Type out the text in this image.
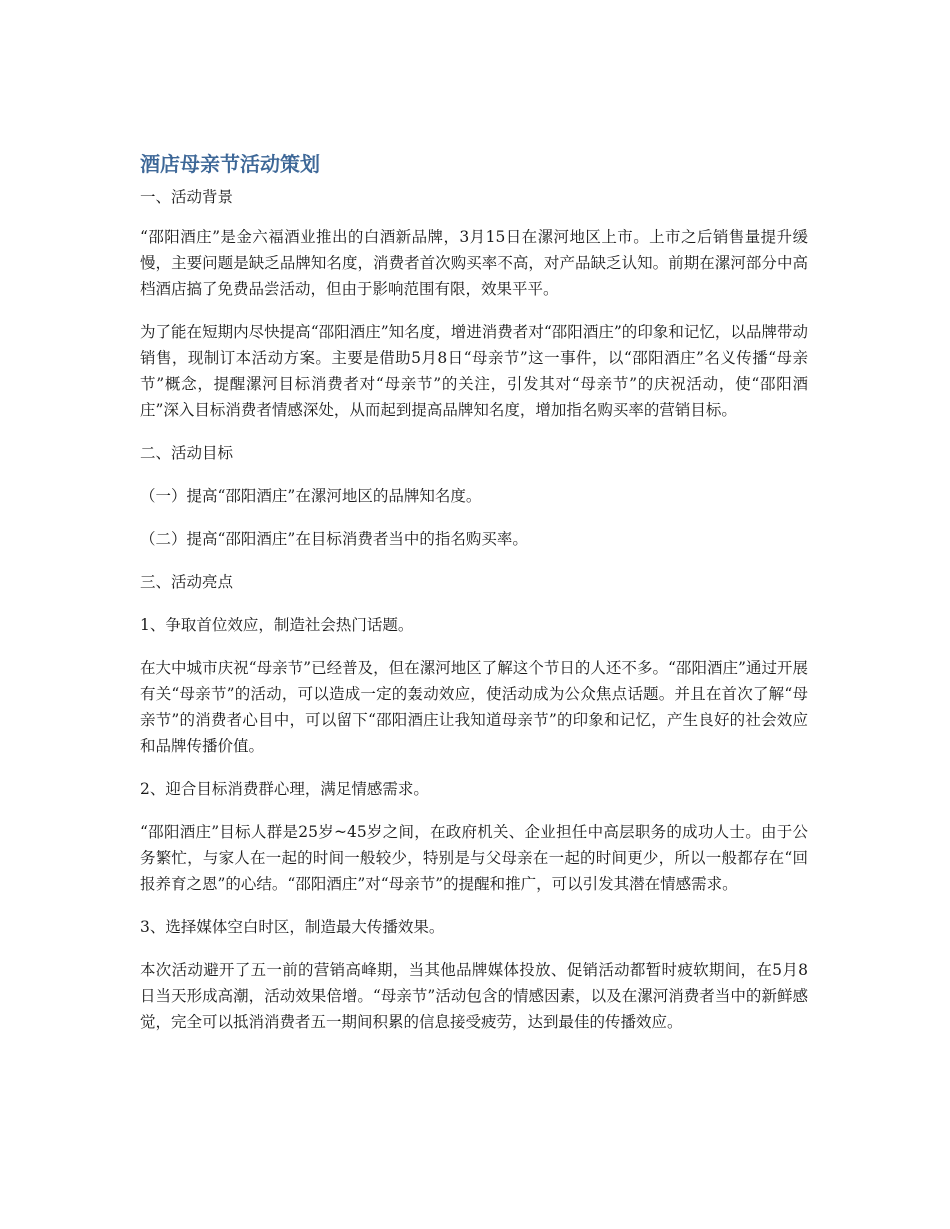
酒店母亲节活动策划

一、活动背景

“邵阳酒庄”是金六福酒业推出的白酒新品牌，3月15日在漯河地区上市。上市之后销售量提升缓慢，主要问题是缺乏品牌知名度，消费者首次购买率不高，对产品缺乏认知。前期在漯河部分中高档酒店搞了免费品尝活动，但由于影响范围有限，效果平平。

为了能在短期内尽快提高“邵阳酒庄”知名度，增进消费者对“邵阳酒庄”的印象和记忆，以品牌带动销售，现制订本活动方案。主要是借助5月8日“母亲节”这一事件，以“邵阳酒庄”名义传播“母亲节”概念，提醒漯河目标消费者对“母亲节”的关注，引发其对“母亲节”的庆祝活动，使“邵阳酒庄”深入目标消费者情感深处，从而起到提高品牌知名度，增加指名购买率的营销目标。

二、活动目标

（一）提高“邵阳酒庄”在漯河地区的品牌知名度。

（二）提高“邵阳酒庄”在目标消费者当中的指名购买率。

三、活动亮点

1、争取首位效应，制造社会热门话题。

在大中城市庆祝“母亲节”已经普及，但在漯河地区了解这个节日的人还不多。“邵阳酒庄”通过开展有关“母亲节”的活动，可以造成一定的轰动效应，使活动成为公众焦点话题。并且在首次了解“母亲节”的消费者心目中，可以留下“邵阳酒庄让我知道母亲节”的印象和记忆，产生良好的社会效应和品牌传播价值。

2、迎合目标消费群心理，满足情感需求。

“邵阳酒庄”目标人群是25岁~45岁之间，在政府机关、企业担任中高层职务的成功人士。由于公务繁忙，与家人在一起的时间一般较少，特别是与父母亲在一起的时间更少，所以一般都存在“回报养育之恩”的心结。“邵阳酒庄”对“母亲节”的提醒和推广，可以引发其潜在情感需求。

3、选择媒体空白时区，制造最大传播效果。

本次活动避开了五一前的营销高峰期，当其他品牌媒体投放、促销活动都暂时疲软期间，在5月8日当天形成高潮，活动效果倍增。“母亲节”活动包含的情感因素，以及在漯河消费者当中的新鲜感觉，完全可以抵消消费者五一期间积累的信息接受疲劳，达到最佳的传播效应。
